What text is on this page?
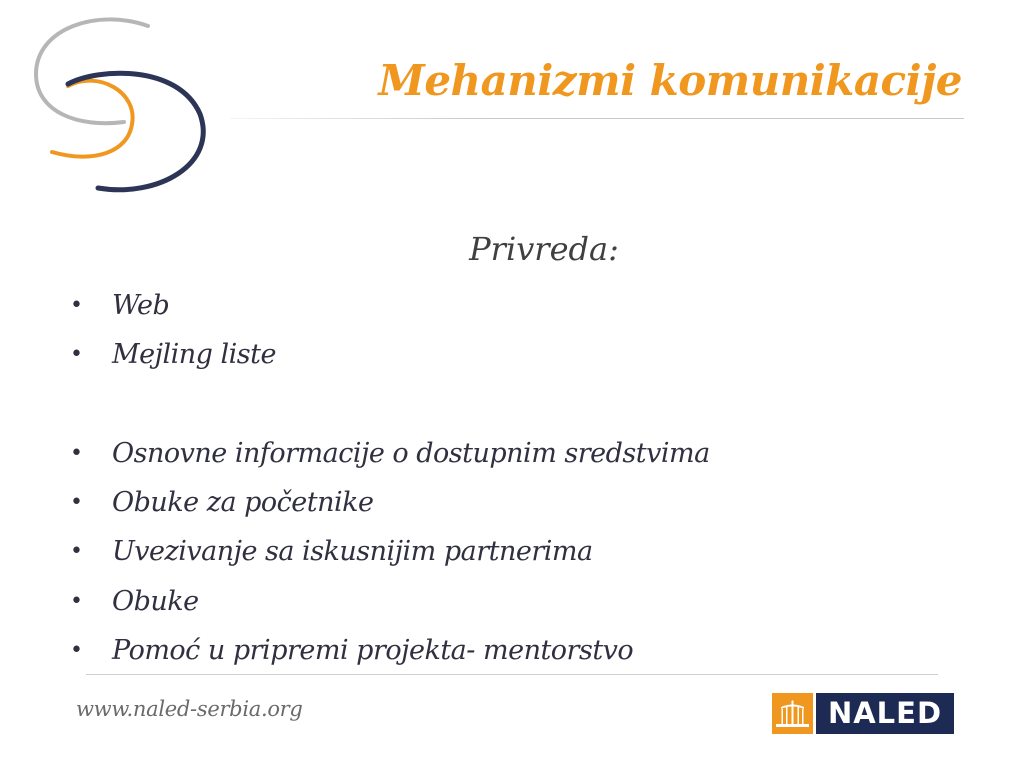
Mehanizmi komunikacije
Privreda:
• Web
• Mejling liste
• Osnovne informacije o dostupnim sredstvima
• Obuke za početnike
• Uvezivanje sa iskusnijim partnerima
• Obuke
• Pomoć u pripremi projekta- mentorstvo
www.naled-serbia.org	NALED
